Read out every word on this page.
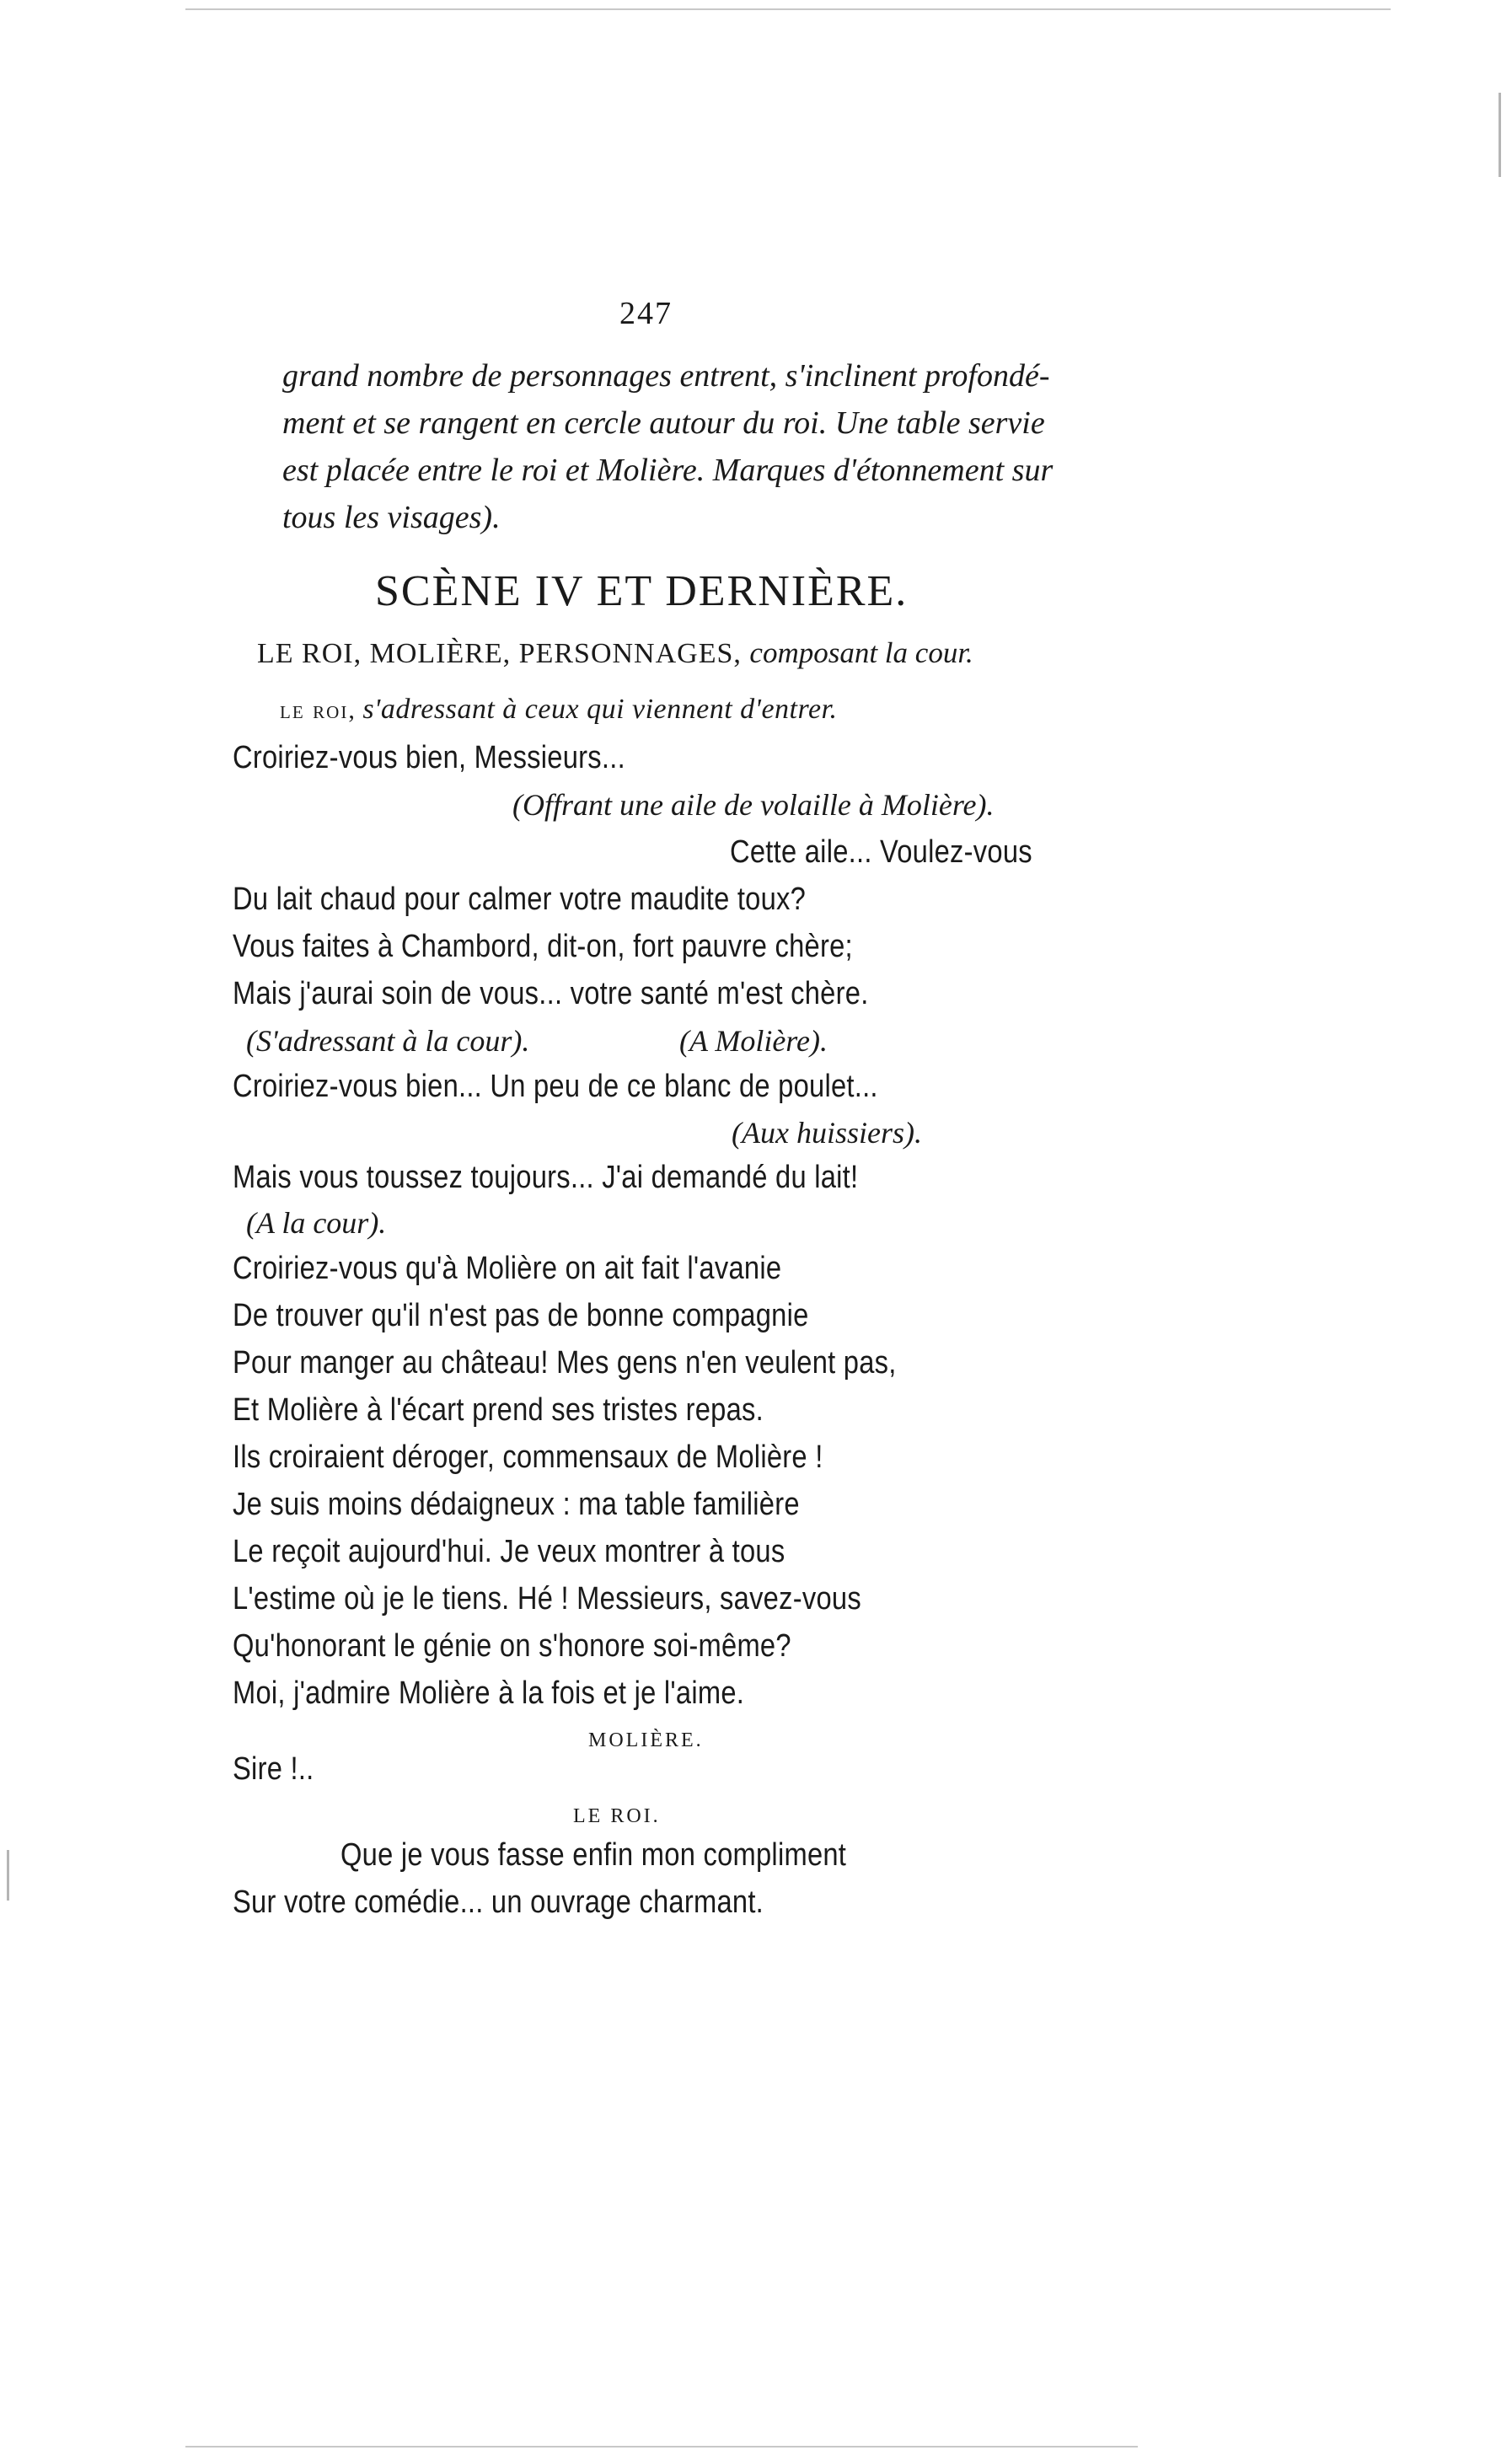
247
grand nombre de personnages entrent, s'inclinent profondé-
ment et se rangent en cercle autour du roi. Une table servie
est placée entre le roi et Molière. Marques d'étonnement sur
tous les visages).
SCÈNE IV ET DERNIÈRE.
LE ROI, MOLIÈRE, PERSONNAGES, composant la cour.
le roi, s'adressant à ceux qui viennent d'entrer.
Croiriez-vous bien, Messieurs...
(Offrant une aile de volaille à Molière).
Cette aile... Voulez-vous
Du lait chaud pour calmer votre maudite toux?
Vous faites à Chambord, dit-on, fort pauvre chère;
Mais j'aurai soin de vous... votre santé m'est chère.
(S'adressant à la cour).	(A Molière).
Croiriez-vous bien... Un peu de ce blanc de poulet...
(Aux huissiers).
Mais vous toussez toujours... J'ai demandé du lait!
(A la cour).
Croiriez-vous qu'à Molière on ait fait l'avanie
De trouver qu'il n'est pas de bonne compagnie
Pour manger au château! Mes gens n'en veulent pas,
Et Molière à l'écart prend ses tristes repas.
Ils croiraient déroger, commensaux de Molière !
Je suis moins dédaigneux : ma table familière
Le reçoit aujourd'hui. Je veux montrer à tous
L'estime où je le tiens. Hé ! Messieurs, savez-vous
Qu'honorant le génie on s'honore soi-même?
Moi, j'admire Molière à la fois et je l'aime.
MOLIÈRE.
Sire !..
LE ROI.
Que je vous fasse enfin mon compliment
Sur votre comédie... un ouvrage charmant.
